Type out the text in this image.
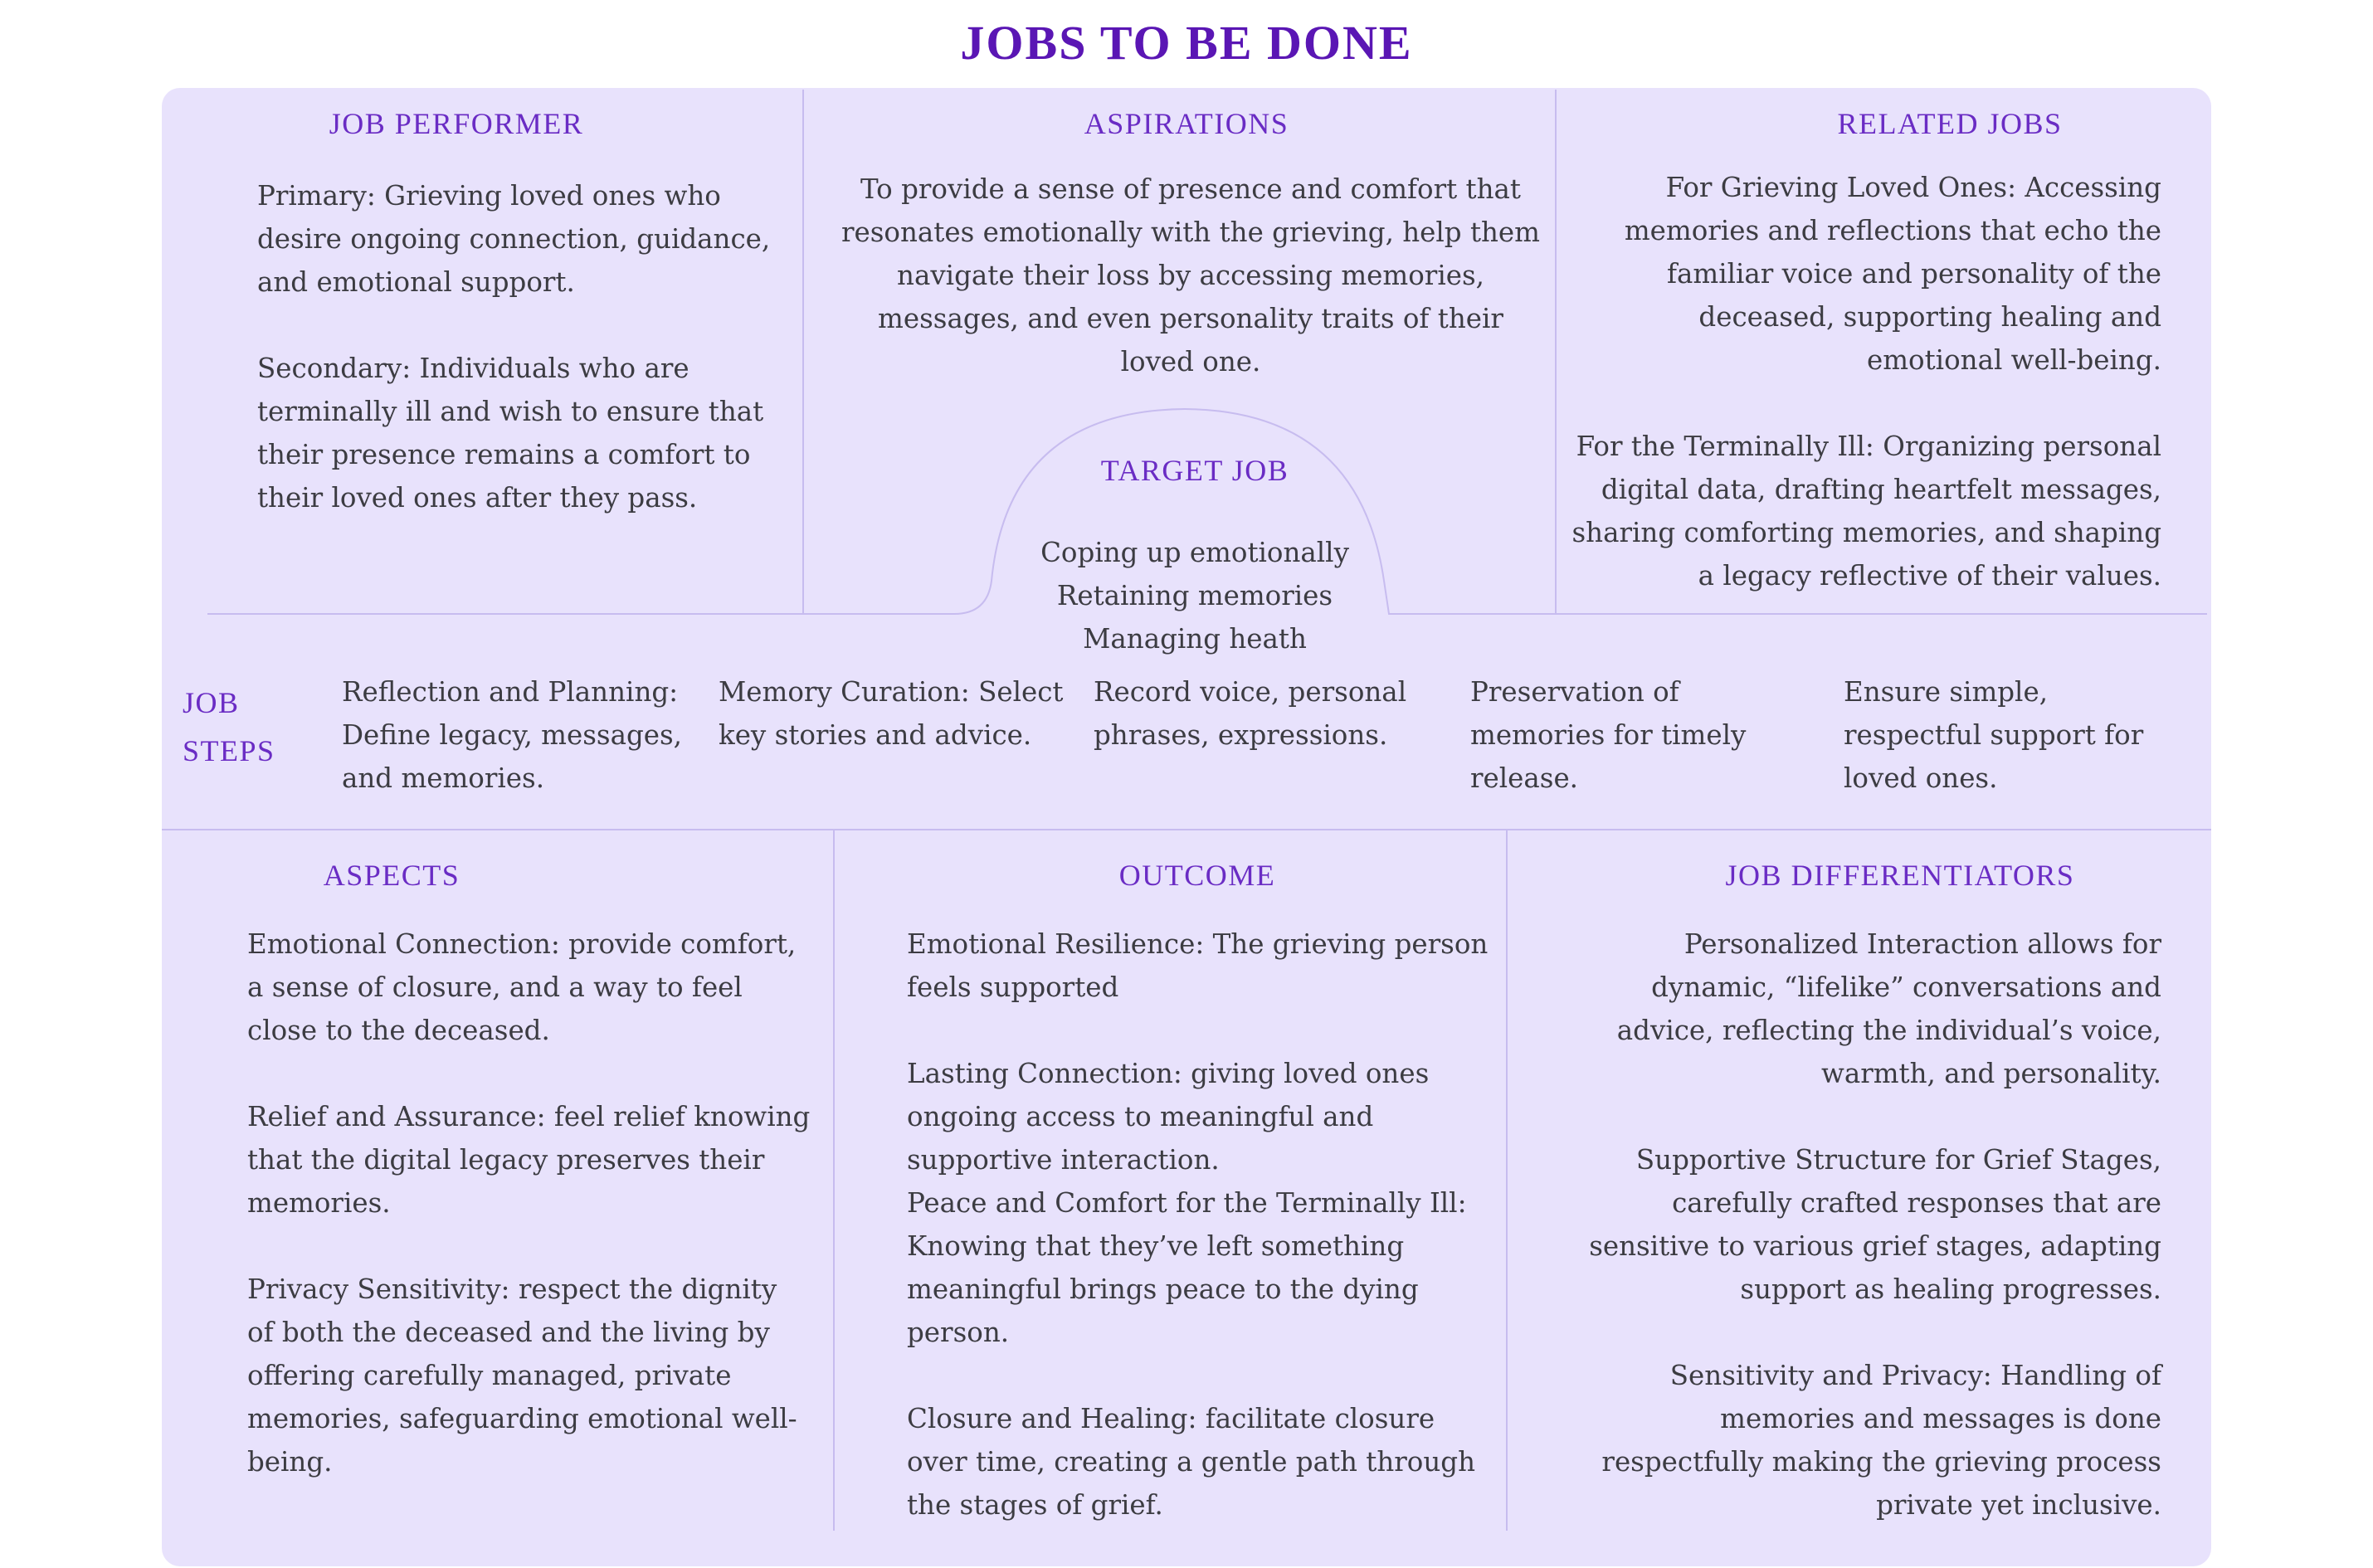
JOBS TO BE DONE
JOB PERFORMER

Primary: Grieving loved ones who desire ongoing connection, guidance, and emotional support.

Secondary: Individuals who are terminally ill and wish to ensure that their presence remains a comfort to their loved ones after they pass.

ASPIRATIONS

To provide a sense of presence and comfort that resonates emotionally with the grieving, help them navigate their loss by accessing memories, messages, and even personality traits of their loved one.

RELATED JOBS

For Grieving Loved Ones: Accessing memories and reflections that echo the familiar voice and personality of the deceased, supporting healing and emotional well-being.

For the Terminally Ill: Organizing personal digital data, drafting heartfelt messages, sharing comforting memories, and shaping a legacy reflective of their values.

TARGET JOB

Coping up emotionally

Retaining memories

Managing heath

JOB STEPS
Reflection and Planning: Define legacy, messages, and memories.
Memory Curation: Select key stories and advice.
Record voice, personal phrases, expressions.
Preservation of memories for timely release.
Ensure simple, respectful support for loved ones.
ASPECTS

Emotional Connection: provide comfort, a sense of closure, and a way to feel close to the deceased.

Relief and Assurance: feel relief knowing that the digital legacy preserves their memories.

Privacy Sensitivity: respect the dignity of both the deceased and the living by offering carefully managed, private memories, safeguarding emotional well-being.

OUTCOME

Emotional Resilience: The grieving person feels supported

Lasting Connection: giving loved ones ongoing access to meaningful and supportive interaction.

Peace and Comfort for the Terminally Ill: Knowing that they’ve left something meaningful brings peace to the dying person.

Closure and Healing: facilitate closure over time, creating a gentle path through the stages of grief.

JOB DIFFERENTIATORS

Personalized Interaction allows for dynamic, “lifelike” conversations and advice, reflecting the individual’s voice, warmth, and personality.

Supportive Structure for Grief Stages, carefully crafted responses that are sensitive to various grief stages, adapting support as healing progresses.

Sensitivity and Privacy: Handling of memories and messages is done respectfully making the grieving process private yet inclusive.
